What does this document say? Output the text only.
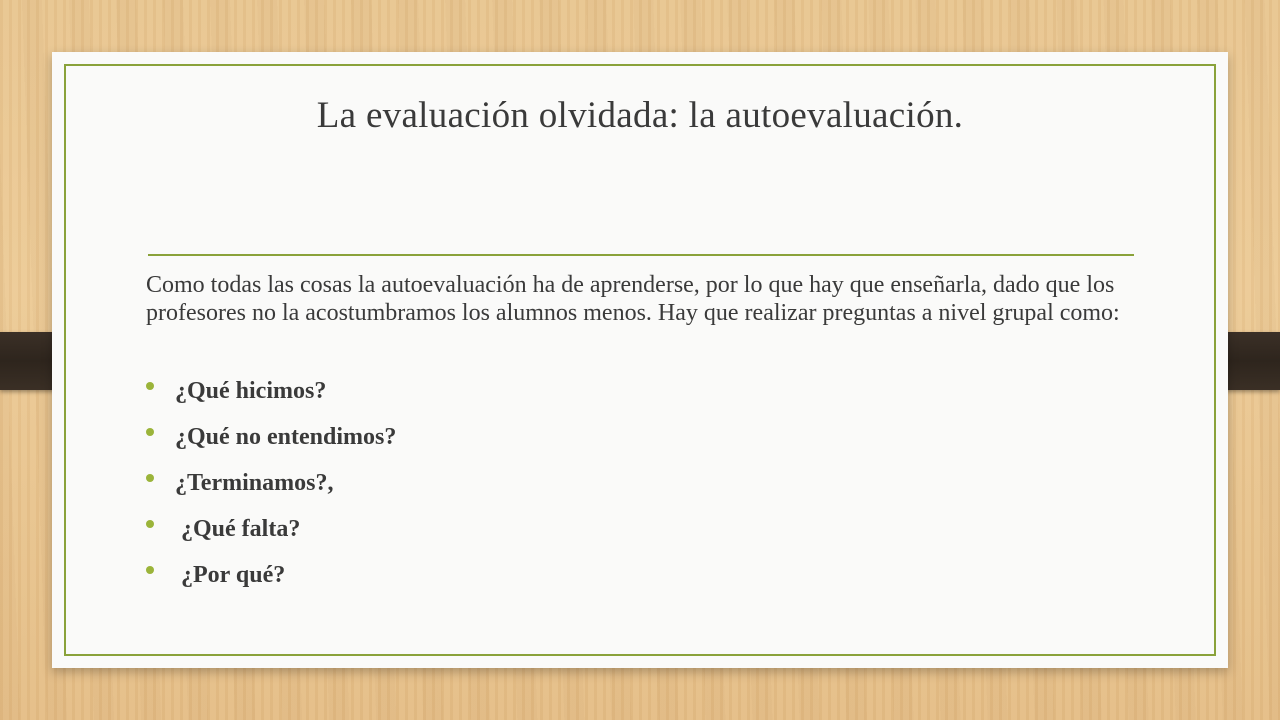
La evaluación olvidada: la autoevaluación.

Como todas las cosas la autoevaluación ha de aprenderse, por lo que hay que enseñarla, dado que los profesores no la acostumbramos los alumnos menos. Hay que realizar preguntas a nivel grupal como:

¿Qué hicimos?
¿Qué no entendimos?
¿Terminamos?,
¿Qué falta?
¿Por qué?
